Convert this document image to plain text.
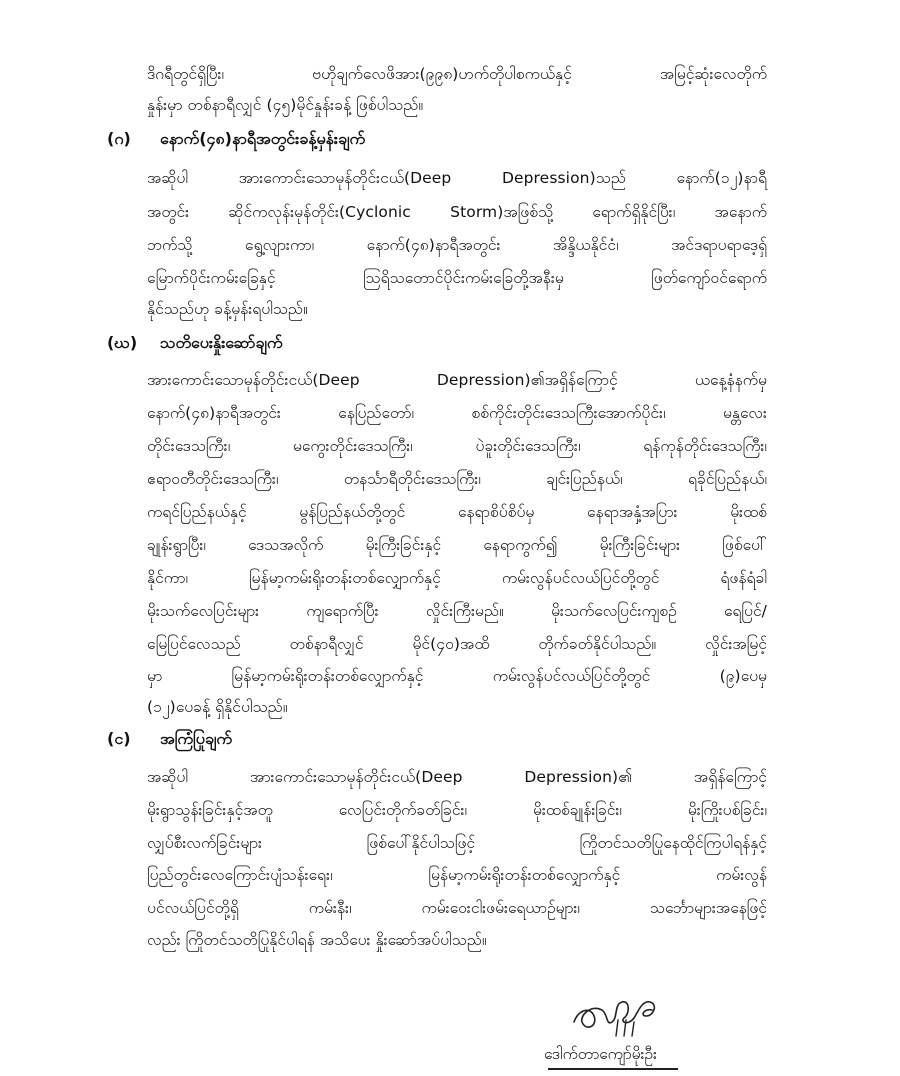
ဒိဂရီတွင်ရှိပြီး၊ ဗဟိုချက်လေဖိအား(၉၉၈)ဟက်တိုပါစကယ်နှင့် အမြင့်ဆုံးလေတိုက်
နှုန်းမှာ တစ်နာရီလျှင် (၄၅)မိုင်နှုန်းခန့် ဖြစ်ပါသည်။
(ဂ) နောက်(၄၈)နာရီအတွင်းခန့်မှန်းချက်
အဆိုပါ အားကောင်းသောမုန်တိုင်းငယ်(Deep Depression)သည် နောက်(၁၂)နာရီ
အတွင်း ဆိုင်ကလုန်းမုန်တိုင်း(Cyclonic Storm)အဖြစ်သို့ ရောက်ရှိနိုင်ပြီး၊ အနောက်
ဘက်သို့ ရွေ့လျားကာ၊ နောက်(၄၈)နာရီအတွင်း အိန္ဒိယနိုင်ငံ၊ အင်ဒရာပရာဒေ့ရှ်
မြောက်ပိုင်းကမ်းခြေနှင့် သြရိသတောင်ပိုင်းကမ်းခြေတို့အနီးမှ ဖြတ်ကျော်ဝင်ရောက်
နိုင်သည်ဟု ခန့်မှန်းရပါသည်။
(ဃ) သတိပေးနှိုးဆော်ချက်
အားကောင်းသောမုန်တိုင်းငယ်(Deep Depression)၏အရှိန်ကြောင့် ယနေ့နံနက်မှ
နောက်(၄၈)နာရီအတွင်း နေပြည်တော်၊ စစ်ကိုင်းတိုင်းဒေသကြီးအောက်ပိုင်း၊ မန္တလေး
တိုင်းဒေသကြီး၊ မကွေးတိုင်းဒေသကြီး၊ ပဲခူးတိုင်းဒေသကြီး၊ ရန်ကုန်တိုင်းဒေသကြီး၊
ဧရာဝတီတိုင်းဒေသကြီး၊ တနင်္သာရီတိုင်းဒေသကြီး၊ ချင်းပြည်နယ်၊ ရခိုင်ပြည်နယ်၊
ကရင်ပြည်နယ်နှင့် မွန်ပြည်နယ်တို့တွင် နေရာစိပ်စိပ်မှ နေရာအနှံ့အပြား မိုးထစ်
ချုန်းရွာပြီး၊ ဒေသအလိုက် မိုးကြီးခြင်းနှင့် နေရာကွက်၍ မိုးကြီးခြင်းများ ဖြစ်ပေါ်
နိုင်ကာ၊ မြန်မာ့ကမ်းရိုးတန်းတစ်လျှောက်နှင့် ကမ်းလွန်ပင်လယ်ပြင်တို့တွင် ရံဖန်ရံခါ
မိုးသက်လေပြင်းများ ကျရောက်ပြီး လှိုင်းကြီးမည်။ မိုးသက်လေပြင်းကျစဉ် ရေပြင်/
မြေပြင်လေသည် တစ်နာရီလျှင် မိုင်(၄၀)အထိ တိုက်ခတ်နိုင်ပါသည်။ လှိုင်းအမြင့်
မှာ မြန်မာ့ကမ်းရိုးတန်းတစ်လျှောက်နှင့် ကမ်းလွန်ပင်လယ်ပြင်တို့တွင် (၉)ပေမှ
(၁၂)ပေခန့် ရှိနိုင်ပါသည်။
(င) အကြံပြုချက်
အဆိုပါ အားကောင်းသောမုန်တိုင်းငယ်(Deep Depression)၏ အရှိန်ကြောင့်
မိုးရွာသွန်းခြင်းနှင့်အတူ လေပြင်းတိုက်ခတ်ခြင်း၊ မိုးထစ်ချုန်းခြင်း၊ မိုးကြိုးပစ်ခြင်း၊
လျှပ်စီးလက်ခြင်းများ ဖြစ်ပေါ်နိုင်ပါသဖြင့် ကြိုတင်သတိပြုနေထိုင်ကြပါရန်နှင့်
ပြည်တွင်းလေကြောင်းပျံသန်းရေး၊ မြန်မာ့ကမ်းရိုးတန်းတစ်လျှောက်နှင့် ကမ်းလွန်
ပင်လယ်ပြင်တို့ရှိ ကမ်းနီး၊ ကမ်းဝေးငါးဖမ်းရေယာဉ်များ၊ သင်္ဘောများအနေဖြင့်
လည်း ကြိုတင်သတိပြုနိုင်ပါရန် အသိပေး နှိုးဆော်အပ်ပါသည်။
ဒေါက်တာကျော်မိုးဦး
